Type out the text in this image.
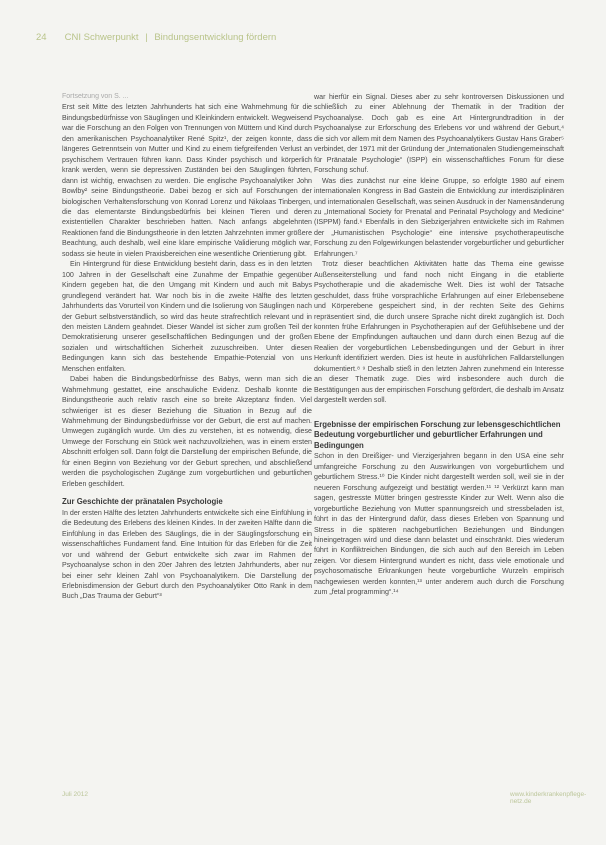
24 CNI Schwerpunkt | Bindungsentwicklung fördern
Fortsetzung von S. ...

Erst seit Mitte des letzten Jahrhunderts hat sich eine Wahrnehmung für die Bindungsbedürfnisse von Säuglingen und Kleinkindern entwickelt. Wegweisend war die Forschung an den Folgen von Trennungen von Müttern und Kind durch den amerikanischen Psychoanalytiker René Spitz¹, der zeigen konnte, dass längeres Getrenntsein von Mutter und Kind zu einem tiefgreifenden Verlust an psychischem Vertrauen führen kann. Dass Kinder psychisch und körperlich krank werden, wenn sie depressiven Zuständen bei den Säuglingen führten, dann ist wichtig, erwachsen zu werden. Die englische Psychoanalytiker John Bowlby² seine Bindungstheorie. Dabei bezog er sich auf Forschungen der biologischen Verhaltensforschung von Konrad Lorenz und Nikolaas Tinbergen, die das elementarste Bindungsbedürfnis bei kleinen Tieren und deren existentiellen Charakter beschrieben hatten. Nach anfangs abgelehnten Reaktionen fand die Bindungstheorie in den letzten Jahrzehnten immer größere Beachtung, auch deshalb, weil eine klare empirische Validierung möglich war, sodass sie heute in vielen Praxisbereichen eine wesentliche Orientierung gibt.

Ein Hintergrund für diese Entwicklung besteht darin, dass es in den letzten 100 Jahren in der Gesellschaft eine Zunahme der Empathie gegenüber Kindern gegeben hat, die den Umgang mit Kindern und auch mit Babys grundlegend verändert hat. War noch bis in die zweite Hälfte des letzten Jahrhunderts das Vorurteil von Kindern und die Isolierung von Säuglingen nach der Geburt selbstverständlich, so wird das heute strafrechtlich relevant und in den meisten Ländern geahndet. Dieser Wandel ist sicher zum großen Teil der Demokratisierung unserer gesellschaftlichen Bedingungen und der großen sozialen und wirtschaftlichen Sicherheit zuzuschreiben. Unter diesen Bedingungen kann sich das bestehende Empathie-Potenzial von uns Menschen entfalten.

Dabei haben die Bindungsbedürfnisse des Babys, wenn man sich die Wahrnehmung gestattet, eine anschauliche Evidenz. Deshalb konnte die Bindungstheorie auch relativ rasch eine so breite Akzeptanz finden. Viel schwieriger ist es dieser Beziehung die Situation in Bezug auf die Wahrnehmung der Bindungsbedürfnisse vor der Geburt, die erst auf machen. Umwegen zugänglich wurde. Um dies zu verstehen, ist es notwendig, diese Umwege der Forschung ein Stück weit nachzuvollziehen, was in einem ersten Abschnitt erfolgen soll. Dann folgt die Darstellung der empirischen Befunde, die für einen Beginn von Beziehung vor der Geburt sprechen, und abschließend werden die psychologischen Zugänge zum vorgeburtlichen und geburtlichen Erleben geschildert.

Zur Geschichte der pränatalen Psychologie

In der ersten Hälfte des letzten Jahrhunderts entwickelte sich eine Einfühlung in die Bedeutung des Erlebens des kleinen Kindes. In der zweiten Hälfte dann die Einfühlung in das Erleben des Säuglings, die in der Säuglingsforschung ein wissenschaftliches Fundament fand. Eine Intuition für das Erleben für die Zeit vor und während der Geburt entwickelte sich zwar im Rahmen der Psychoanalyse schon in den 20er Jahren des letzten Jahrhunderts, aber nur bei einer sehr kleinen Zahl von Psychoanalytikern. Die Darstellung der Erlebnisdimension der Geburt durch den Psychoanalytiker Otto Rank in dem Buch „Das Trauma der Geburt“³

war hierfür ein Signal. Dieses aber zu sehr kontroversen Diskussionen und schließlich zu einer Ablehnung der Thematik in der Tradition der Psychoanalyse. Doch gab es eine Art Hintergrundtradition in der Psychoanalyse zur Erforschung des Erlebens vor und während der Geburt,⁴ die sich vor allem mit dem Namen des Psychoanalytikers Gustav Hans Graber⁵ verbindet, der 1971 mit der Gründung der „Internationalen Studiengemeinschaft für Pränatale Psychologie“ (ISPP) ein wissenschaftliches Forum für diese Forschung schuf.

Was dies zunächst nur eine kleine Gruppe, so erfolgte 1980 auf einem internationalen Kongress in Bad Gastein die Entwicklung zur interdisziplinären und internationalen Gesellschaft, was seinen Ausdruck in der Namensänderung zu „International Society for Prenatal and Perinatal Psychology and Medicine“ (ISPPM) fand.⁶ Ebenfalls in den Siebzigerjahren entwickelte sich im Rahmen der „Humanistischen Psychologie“ eine intensive psychotherapeutische Forschung zu den Folgewirkungen belastender vorgeburtlicher und geburtlicher Erfahrungen.⁷

Trotz dieser beachtlichen Aktivitäten hatte das Thema eine gewisse Außenseiterstellung und fand noch nicht Eingang in die etablierte Psychotherapie und die akademische Welt. Dies ist wohl der Tatsache geschuldet, dass frühe vorsprachliche Erfahrungen auf einer Erlebensebene und Körperebene gespeichert sind, in der rechten Seite des Gehirns repräsentiert sind, die durch unsere Sprache nicht direkt zugänglich ist. Doch konnten frühe Erfahrungen in Psychotherapien auf der Gefühlsebene und der Ebene der Empfindungen auftauchen und dann durch einen Bezug auf die Realien der vorgeburtlichen Lebensbedingungen und der Geburt in ihrer Herkunft identifiziert werden. Dies ist heute in ausführlichen Falldarstellungen dokumentiert.⁸ ⁹ Deshalb stieß in den letzten Jahren zunehmend ein Interesse an dieser Thematik zuge. Dies wird insbesondere auch durch die Bestätigungen aus der empirischen Forschung gefördert, die deshalb im Ansatz dargestellt werden soll.

Ergebnisse der empirischen Forschung zur lebensgeschichtlichen Bedeutung vorgeburtlicher und geburtlicher Erfahrungen und Bedingungen

Schon in den Dreißiger- und Vierzigerjahren begann in den USA eine sehr umfangreiche Forschung zu den Auswirkungen von vorgeburtlichem und geburtlichem Stress.¹⁰ Die Kinder nicht dargestellt werden soll, weil sie in der neueren Forschung aufgezeigt und bestätigt werden.¹¹ ¹² Verkürzt kann man sagen, gestresste Mütter bringen gestresste Kinder zur Welt. Wenn also die vorgeburtliche Beziehung von Mutter spannungsreich und stressbeladen ist, führt in das der Hintergrund dafür, dass dieses Erleben von Spannung und Stress in die späteren nachgeburtlichen Beziehungen und Bindungen hineingetragen wird und diese dann belastet und einschränkt. Dies wiederum führt in Konfliktreichen Bindungen, die sich auch auf den Bereich im Leben zeigen. Vor diesem Hintergrund wundert es nicht, dass viele emotionale und psychosomatische Erkrankungen heute vorgeburtliche Wurzeln empirisch nachgewiesen werden konnten,¹³ unter anderem auch durch die Forschung zum „fetal programming“.¹⁴

Juli 2012	www.kinderkrankenpflege-netz.de
